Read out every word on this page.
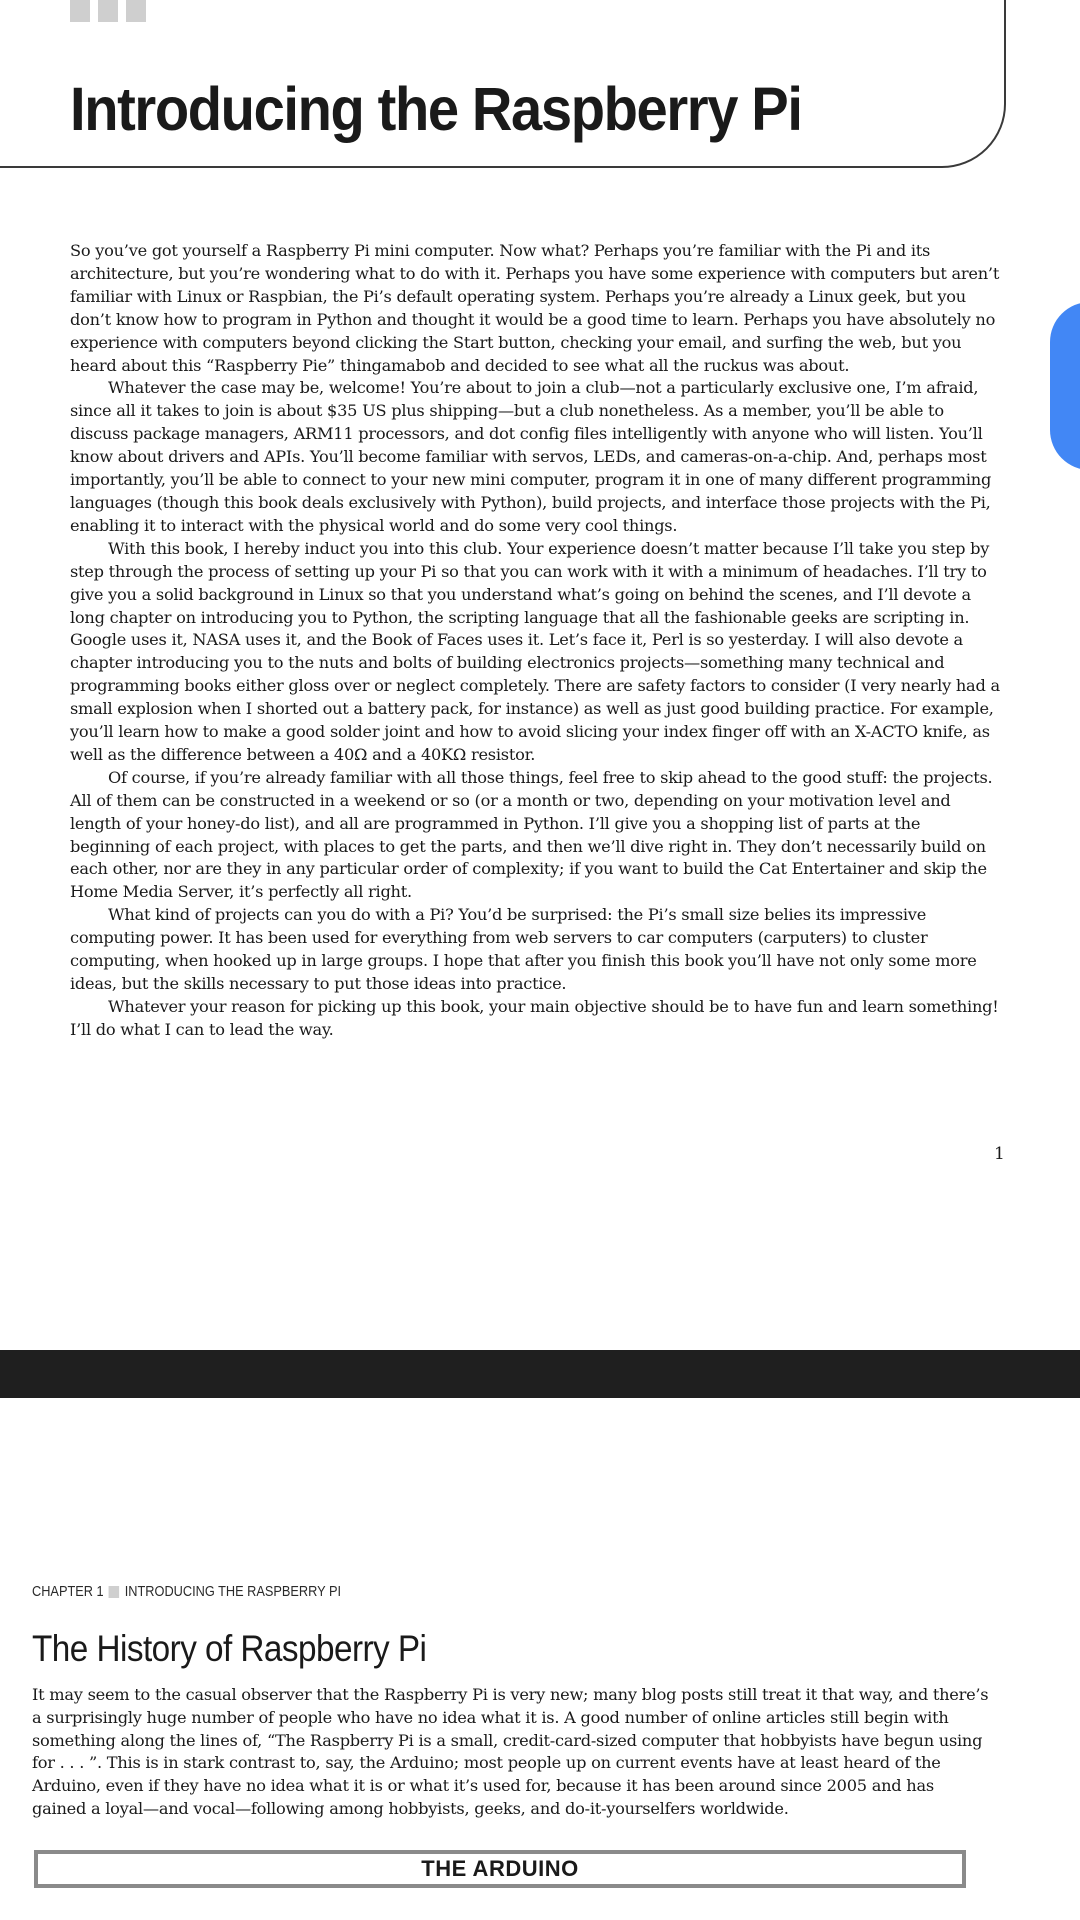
Introducing the Raspberry Pi

So you’ve got yourself a Raspberry Pi mini computer. Now what? Perhaps you’re familiar with the Pi and its architecture, but you’re wondering what to do with it. Perhaps you have some experience with computers but aren’t familiar with Linux or Raspbian, the Pi’s default operating system. Perhaps you’re already a Linux geek, but you don’t know how to program in Python and thought it would be a good time to learn. Perhaps you have absolutely no experience with computers beyond clicking the Start button, checking your email, and surfing the web, but you heard about this “Raspberry Pie” thingamabob and decided to see what all the ruckus was about.

Whatever the case may be, welcome! You’re about to join a club—not a particularly exclusive one, I’m afraid, since all it takes to join is about $35 US plus shipping—but a club nonetheless. As a member, you’ll be able to discuss package managers, ARM11 processors, and dot config files intelligently with anyone who will listen. You’ll know about drivers and APIs. You’ll become familiar with servos, LEDs, and cameras-on-a-chip. And, perhaps most importantly, you’ll be able to connect to your new mini computer, program it in one of many different programming languages (though this book deals exclusively with Python), build projects, and interface those projects with the Pi, enabling it to interact with the physical world and do some very cool things.

With this book, I hereby induct you into this club. Your experience doesn’t matter because I’ll take you step by step through the process of setting up your Pi so that you can work with it with a minimum of headaches. I’ll try to give you a solid background in Linux so that you understand what’s going on behind the scenes, and I’ll devote a long chapter on introducing you to Python, the scripting language that all the fashionable geeks are scripting in. Google uses it, NASA uses it, and the Book of Faces uses it. Let’s face it, Perl is so yesterday. I will also devote a chapter introducing you to the nuts and bolts of building electronics projects—something many technical and programming books either gloss over or neglect completely. There are safety factors to consider (I very nearly had a small explosion when I shorted out a battery pack, for instance) as well as just good building practice. For example, you’ll learn how to make a good solder joint and how to avoid slicing your index finger off with an X-ACTO knife, as well as the difference between a 40Ω and a 40KΩ resistor.

Of course, if you’re already familiar with all those things, feel free to skip ahead to the good stuff: the projects. All of them can be constructed in a weekend or so (or a month or two, depending on your motivation level and length of your honey-do list), and all are programmed in Python. I’ll give you a shopping list of parts at the beginning of each project, with places to get the parts, and then we’ll dive right in. They don’t necessarily build on each other, nor are they in any particular order of complexity; if you want to build the Cat Entertainer and skip the Home Media Server, it’s perfectly all right.

What kind of projects can you do with a Pi? You’d be surprised: the Pi’s small size belies its impressive computing power. It has been used for everything from web servers to car computers (carputers) to cluster computing, when hooked up in large groups. I hope that after you finish this book you’ll have not only some more ideas, but the skills necessary to put those ideas into practice.

Whatever your reason for picking up this book, your main objective should be to have fun and learn something! I’ll do what I can to lead the way.

1
CHAPTER 1 INTRODUCING THE RASPBERRY PI
The History of Raspberry Pi

It may seem to the casual observer that the Raspberry Pi is very new; many blog posts still treat it that way, and there’s a surprisingly huge number of people who have no idea what it is. A good number of online articles still begin with something along the lines of, “The Raspberry Pi is a small, credit-card-sized computer that hobbyists have begun using for . . . ”. This is in stark contrast to, say, the Arduino; most people up on current events have at least heard of the Arduino, even if they have no idea what it is or what it’s used for, because it has been around since 2005 and has gained a loyal—and vocal—following among hobbyists, geeks, and do-it-yourselfers worldwide.

THE ARDUINO
